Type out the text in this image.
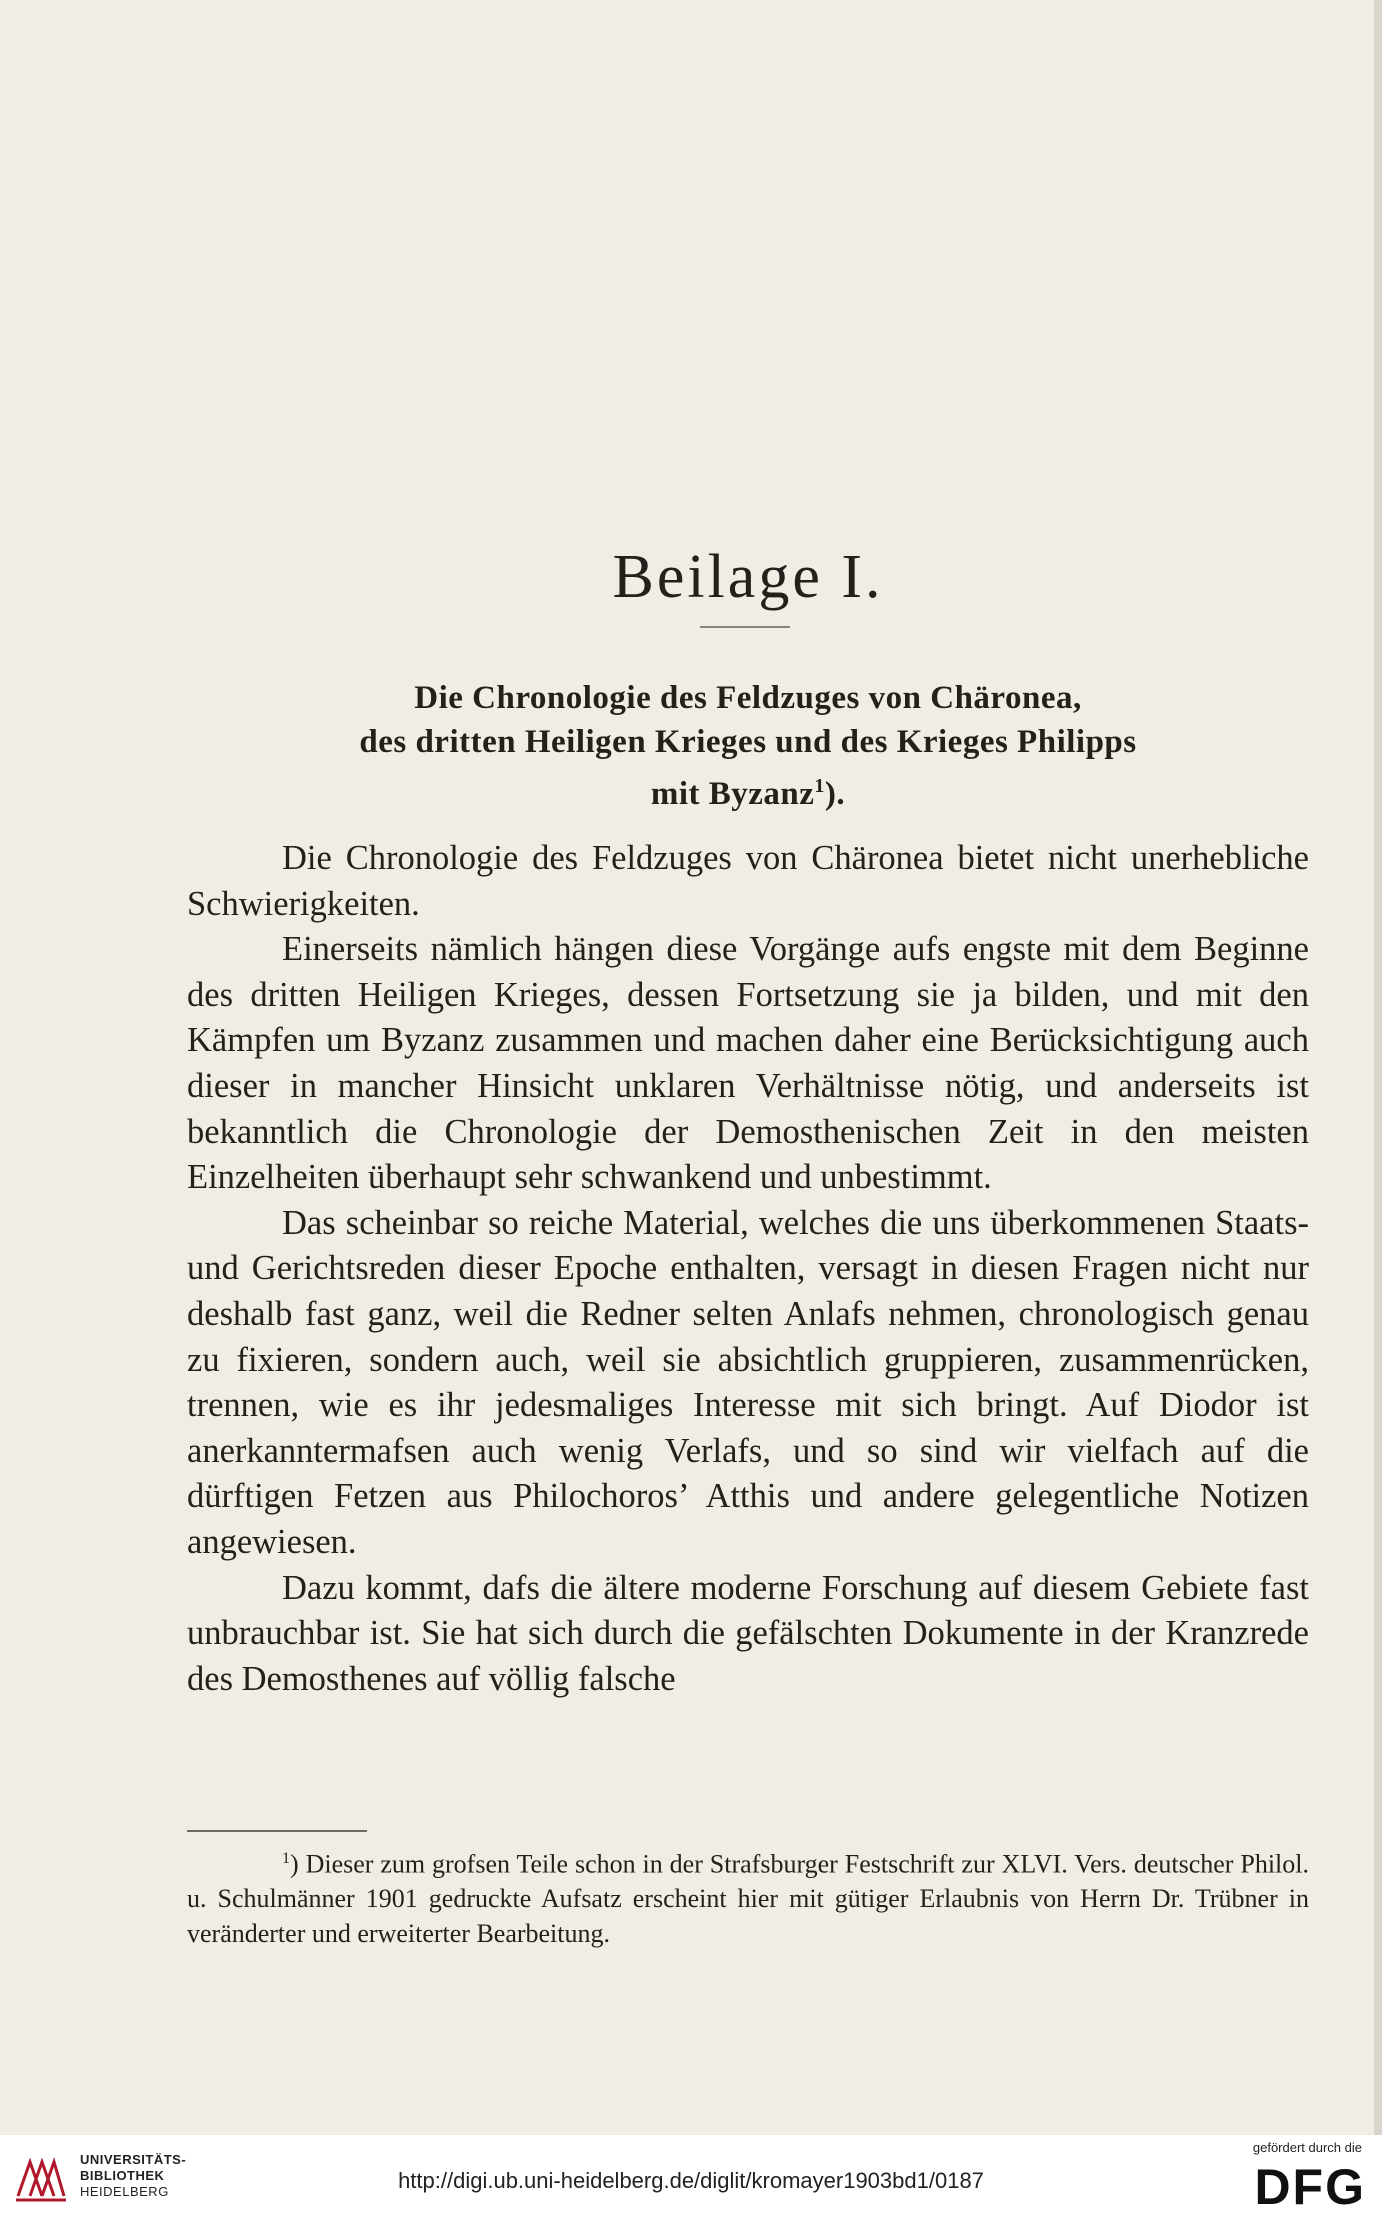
Beilage I.
Die Chronologie des Feldzuges von Chäronea,
des dritten Heiligen Krieges und des Krieges Philipps
mit Byzanz$^1$).

Die Chronologie des Feldzuges von Chäronea bietet nicht unerhebliche Schwierigkeiten.

Einerseits nämlich hängen diese Vorgänge aufs engste mit dem Beginne des dritten Heiligen Krieges, dessen Fortsetzung sie ja bilden, und mit den Kämpfen um Byzanz zusammen und machen daher eine Berücksichtigung auch dieser in mancher Hinsicht unklaren Verhältnisse nötig, und anderseits ist bekanntlich die Chronologie der Demosthenischen Zeit in den meisten Einzelheiten überhaupt sehr schwankend und unbestimmt.

Das scheinbar so reiche Material, welches die uns überkommenen Staats- und Gerichtsreden dieser Epoche enthalten, versagt in diesen Fragen nicht nur deshalb fast ganz, weil die Redner selten Anlafs nehmen, chronologisch genau zu fixieren, sondern auch, weil sie absichtlich gruppieren, zusammenrücken, trennen, wie es ihr jedesmaliges Interesse mit sich bringt. Auf Diodor ist anerkanntermafsen auch wenig Verlafs, und so sind wir vielfach auf die dürftigen Fetzen aus Philochoros’ Atthis und andere gelegentliche Notizen angewiesen.

Dazu kommt, dafs die ältere moderne Forschung auf diesem Gebiete fast unbrauchbar ist. Sie hat sich durch die gefälschten Dokumente in der Kranzrede des Demosthenes auf völlig falsche

$^1$) Dieser zum grofsen Teile schon in der Strafsburger Festschrift zur XLVI. Vers. deutscher Philol. u. Schulmänner 1901 gedruckte Aufsatz erscheint hier mit gütiger Erlaubnis von Herrn Dr. Trübner in veränderter und erweiterter Bearbeitung.

UNIVERSITÄTS-
BIBLIOTHEK
HEIDELBERG	http://digi.ub.uni-heidelberg.de/diglit/kromayer1903bd1/0187
gefördert durch die
DFG
